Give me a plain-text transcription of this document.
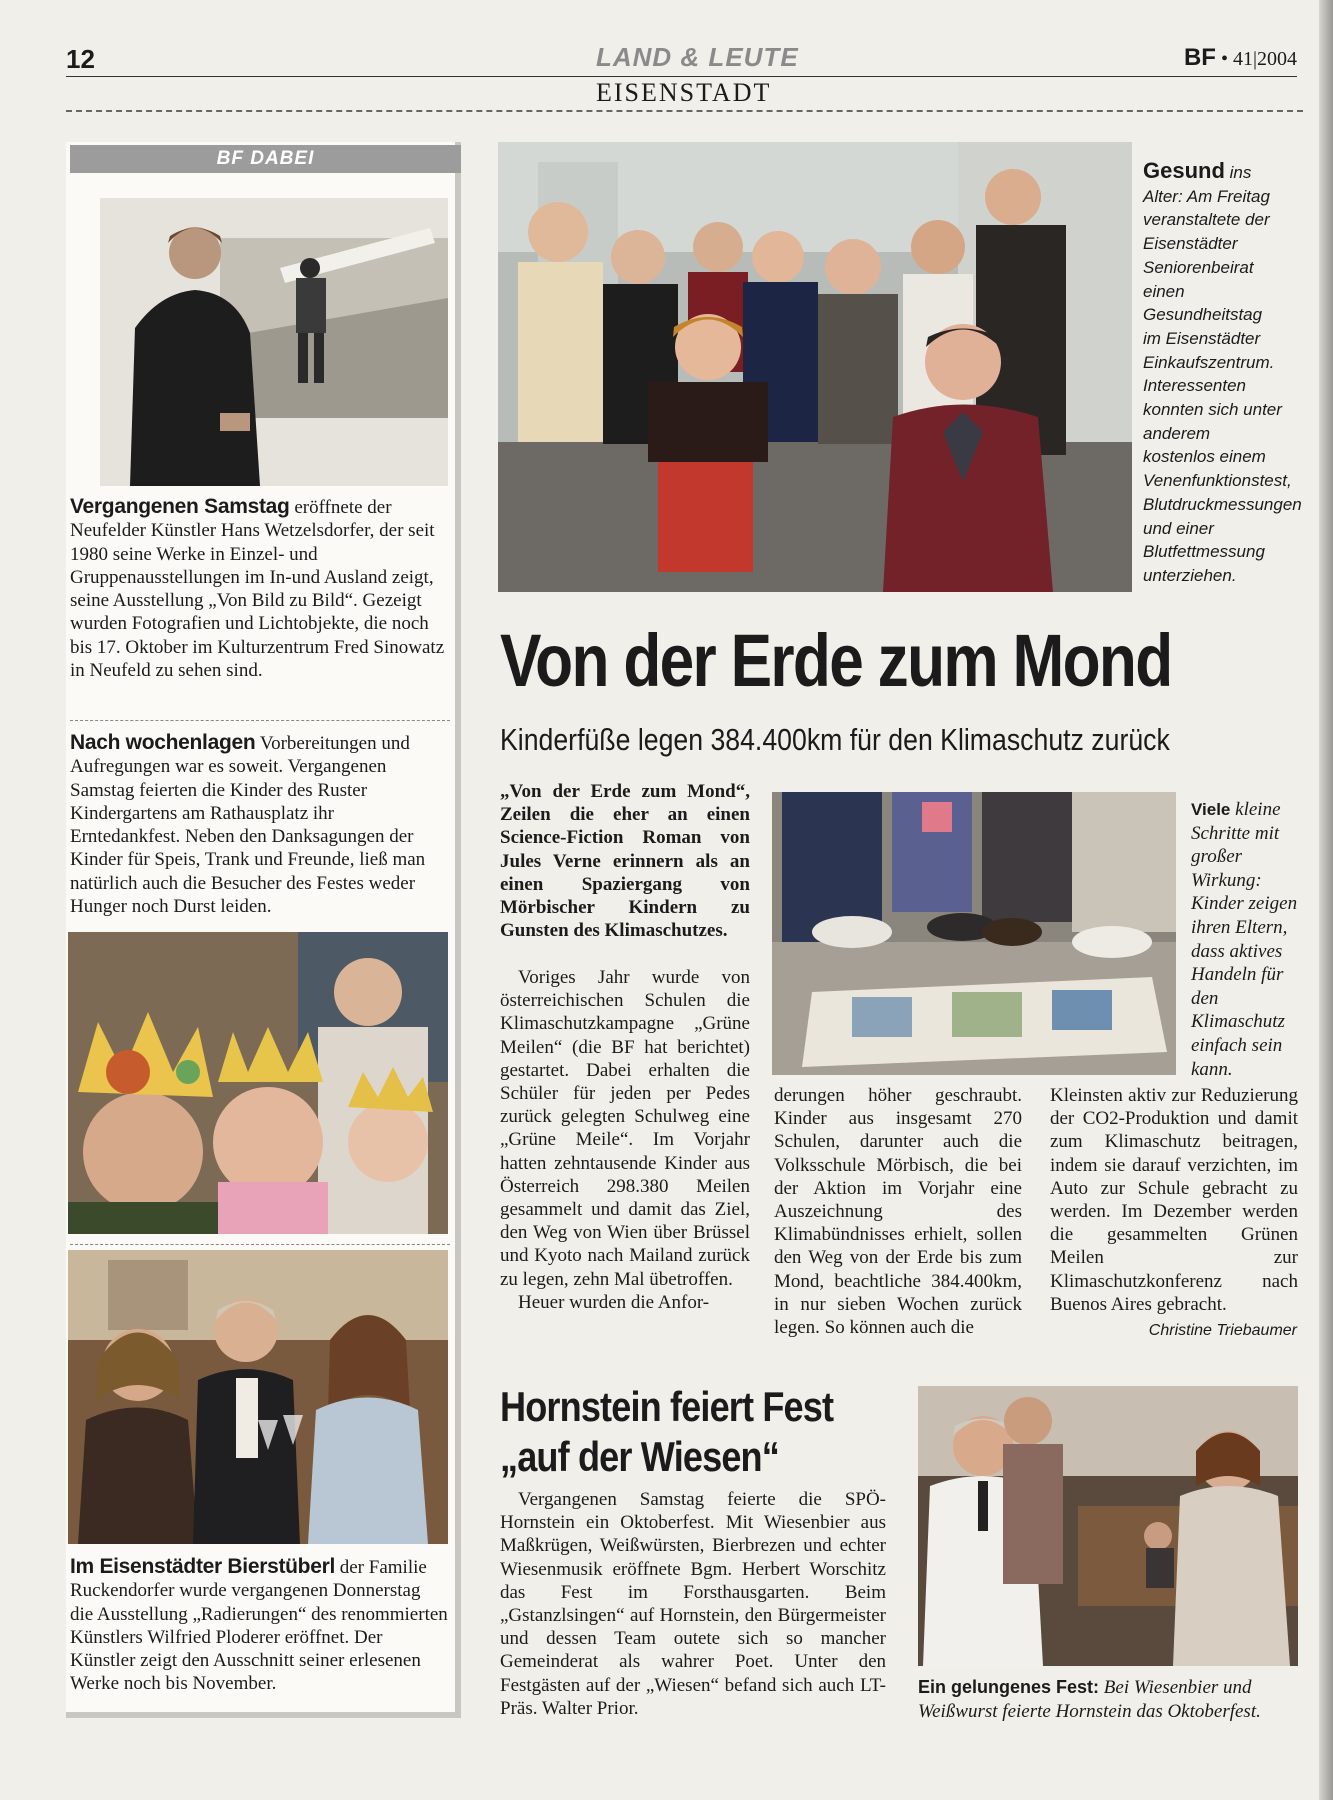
12	LAND & LEUTE	BF • 41|2004
EISENSTADT
BF DABEI
Vergangenen Samstag eröffnete der Neufelder Künstler Hans Wetzelsdorfer, der seit 1980 seine Werke in Einzel- und Gruppenausstellungen im In-und Ausland zeigt, seine Ausstellung „Von Bild zu Bild“. Gezeigt wurden Fotografien und Lichtobjekte, die noch bis 17. Oktober im Kulturzentrum Fred Sinowatz in Neufeld zu sehen sind.
Nach wochenlagen Vorbereitungen und Aufregungen war es soweit. Vergangenen Samstag feierten die Kinder des Ruster Kindergartens am Rathausplatz ihr Erntedankfest. Neben den Danksagungen der Kinder für Speis, Trank und Freunde, ließ man natürlich auch die Besucher des Festes weder Hunger noch Durst leiden.
Im Eisenstädter Bierstüberl der Familie Ruckendorfer wurde vergangenen Donnerstag die Ausstellung „Radierungen“ des renommierten Künstlers Wilfried Ploderer eröffnet. Der Künstler zeigt den Ausschnitt seiner erlesenen Werke noch bis November.
Gesund ins Alter: Am Freitag veranstaltete der Eisenstädter Seniorenbeirat einen Gesundheitstag im Eisenstädter Einkaufszentrum. Interessenten konnten sich unter anderem kostenlos einem Venenfunktionstest, Blutdruckmessungen und einer Blutfettmessung unterziehen.
Von der Erde zum Mond
Kinderfüße legen 384.400km für den Klimaschutz zurück
„Von der Erde zum Mond“, Zeilen die eher an einen Science-Fiction Roman von Jules Verne erinnern als an einen Spaziergang von Mörbischer Kindern zu Gunsten des Klimaschutzes.
Viele kleine Schritte mit großer Wirkung: Kinder zeigen ihren Eltern, dass aktives Handeln für den Klimaschutz einfach sein kann.

Voriges Jahr wurde von österreichischen Schulen die Klimaschutzkampagne „Grüne Meilen“ (die BF hat berichtet) gestartet. Dabei erhalten die Schüler für jeden per Pedes zurück gelegten Schulweg eine „Grüne Meile“. Im Vorjahr hatten zehntausende Kinder aus Österreich 298.380 Meilen gesammelt und damit das Ziel, den Weg von Wien über Brüssel und Kyoto nach Mailand zurück zu legen, zehn Mal übetroffen.

Heuer wurden die Anfor-

derungen höher geschraubt. Kinder aus insgesamt 270 Schulen, darunter auch die Volksschule Mörbisch, die bei der Aktion im Vorjahr eine Auszeichnung des Klimabündnisses erhielt, sollen den Weg von der Erde bis zum Mond, beachtliche 384.400km, in nur sieben Wochen zurück legen. So können auch die

Kleinsten aktiv zur Reduzierung der CO2-Produktion und damit zum Klimaschutz beitragen, indem sie darauf verzichten, im Auto zur Schule gebracht zu werden. Im Dezember werden die gesammelten Grünen Meilen zur Klimaschutzkonferenz nach Buenos Aires gebracht.

Christine Triebaumer
Hornstein feiert Fest
„auf der Wiesen“

Vergangenen Samstag feierte die SPÖ-Hornstein ein Oktoberfest. Mit Wiesenbier aus Maßkrügen, Weißwürsten, Bierbrezen und echter Wiesenmusik eröffnete Bgm. Herbert Worschitz das Fest im Forsthausgarten. Beim „Gstanzlsingen“ auf Hornstein, den Bürgermeister und dessen Team outete sich so mancher Gemeinderat als wahrer Poet. Unter den Festgästen auf der „Wiesen“ befand sich auch LT-Präs. Walter Prior.

Ein gelungenes Fest: Bei Wiesenbier und Weißwurst feierte Hornstein das Oktoberfest.
